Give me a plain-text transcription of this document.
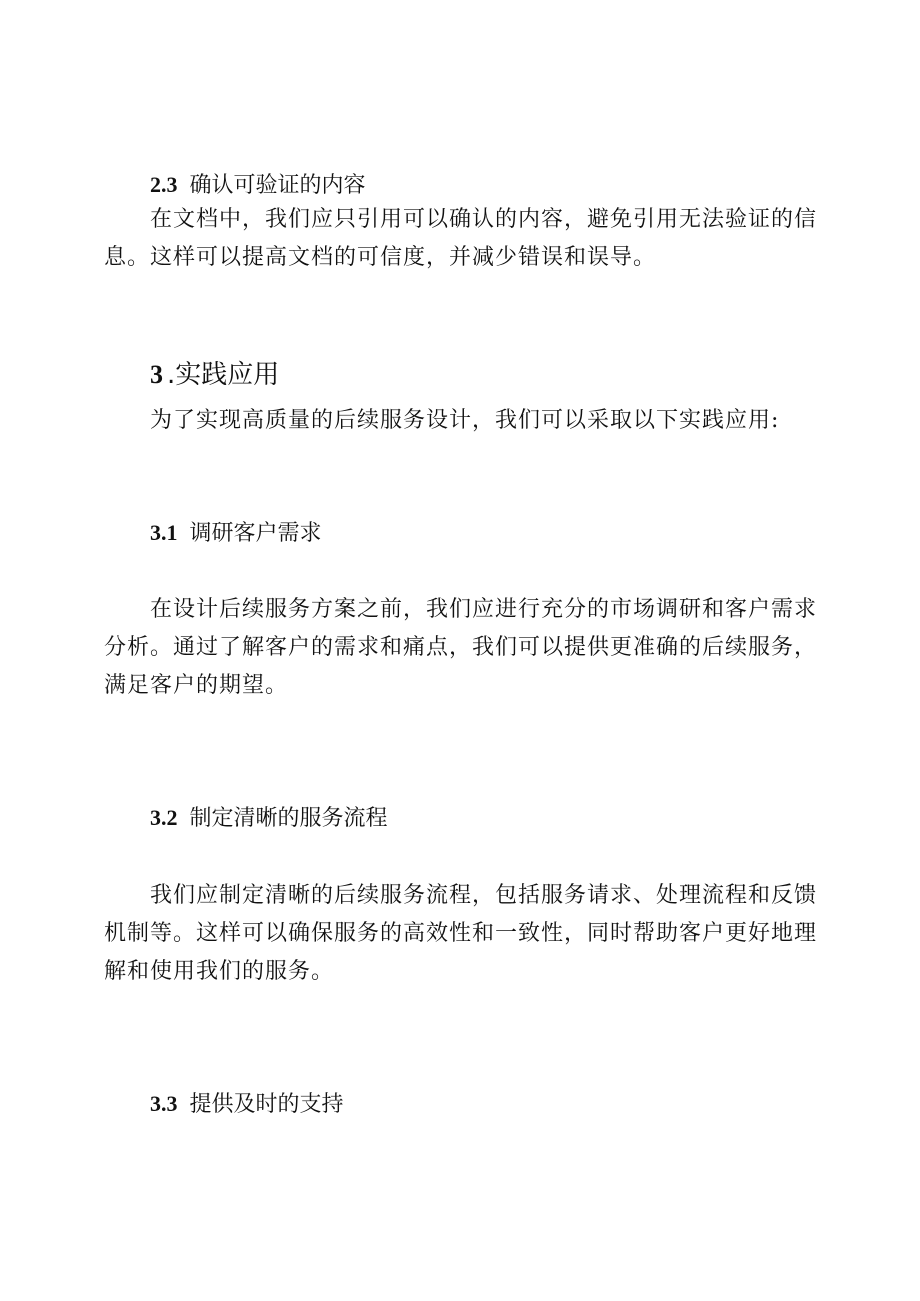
2.3 确认可验证的内容

在文档中，我们应只引用可以确认的内容，避免引用无法验证的信息。这样可以提高文档的可信度，并减少错误和误导。

3 .实践应用

为了实现高质量的后续服务设计，我们可以采取以下实践应用:

3.1 调研客户需求

在设计后续服务方案之前，我们应进行充分的市场调研和客户需求分析。通过了解客户的需求和痛点，我们可以提供更准确的后续服务，满足客户的期望。

3.2 制定清晰的服务流程

我们应制定清晰的后续服务流程，包括服务请求、处理流程和反馈机制等。这样可以确保服务的高效性和一致性，同时帮助客户更好地理解和使用我们的服务。

3.3 提供及时的支持
